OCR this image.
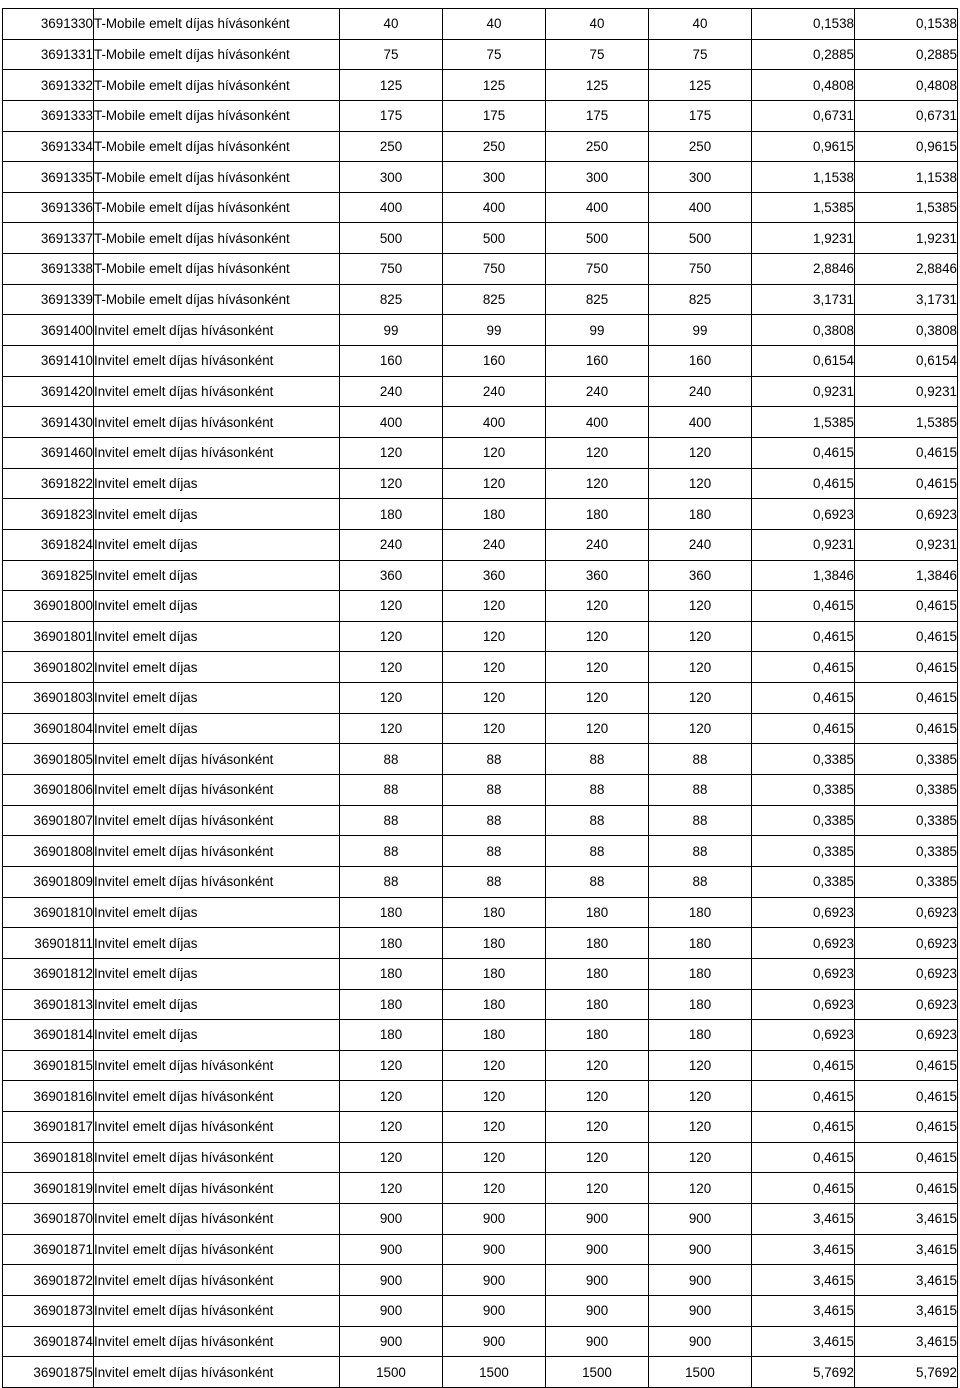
3691330	T-Mobile emelt díjas hívásonként	40	40	40	40	0,1538	0,1538
3691331	T-Mobile emelt díjas hívásonként	75	75	75	75	0,2885	0,2885
3691332	T-Mobile emelt díjas hívásonként	125	125	125	125	0,4808	0,4808
3691333	T-Mobile emelt díjas hívásonként	175	175	175	175	0,6731	0,6731
3691334	T-Mobile emelt díjas hívásonként	250	250	250	250	0,9615	0,9615
3691335	T-Mobile emelt díjas hívásonként	300	300	300	300	1,1538	1,1538
3691336	T-Mobile emelt díjas hívásonként	400	400	400	400	1,5385	1,5385
3691337	T-Mobile emelt díjas hívásonként	500	500	500	500	1,9231	1,9231
3691338	T-Mobile emelt díjas hívásonként	750	750	750	750	2,8846	2,8846
3691339	T-Mobile emelt díjas hívásonként	825	825	825	825	3,1731	3,1731
3691400	Invitel emelt díjas hívásonként	99	99	99	99	0,3808	0,3808
3691410	Invitel emelt díjas hívásonként	160	160	160	160	0,6154	0,6154
3691420	Invitel emelt díjas hívásonként	240	240	240	240	0,9231	0,9231
3691430	Invitel emelt díjas hívásonként	400	400	400	400	1,5385	1,5385
3691460	Invitel emelt díjas hívásonként	120	120	120	120	0,4615	0,4615
3691822	Invitel emelt díjas	120	120	120	120	0,4615	0,4615
3691823	Invitel emelt díjas	180	180	180	180	0,6923	0,6923
3691824	Invitel emelt díjas	240	240	240	240	0,9231	0,9231
3691825	Invitel emelt díjas	360	360	360	360	1,3846	1,3846
36901800	Invitel emelt díjas	120	120	120	120	0,4615	0,4615
36901801	Invitel emelt díjas	120	120	120	120	0,4615	0,4615
36901802	Invitel emelt díjas	120	120	120	120	0,4615	0,4615
36901803	Invitel emelt díjas	120	120	120	120	0,4615	0,4615
36901804	Invitel emelt díjas	120	120	120	120	0,4615	0,4615
36901805	Invitel emelt díjas hívásonként	88	88	88	88	0,3385	0,3385
36901806	Invitel emelt díjas hívásonként	88	88	88	88	0,3385	0,3385
36901807	Invitel emelt díjas hívásonként	88	88	88	88	0,3385	0,3385
36901808	Invitel emelt díjas hívásonként	88	88	88	88	0,3385	0,3385
36901809	Invitel emelt díjas hívásonként	88	88	88	88	0,3385	0,3385
36901810	Invitel emelt díjas	180	180	180	180	0,6923	0,6923
36901811	Invitel emelt díjas	180	180	180	180	0,6923	0,6923
36901812	Invitel emelt díjas	180	180	180	180	0,6923	0,6923
36901813	Invitel emelt díjas	180	180	180	180	0,6923	0,6923
36901814	Invitel emelt díjas	180	180	180	180	0,6923	0,6923
36901815	Invitel emelt díjas hívásonként	120	120	120	120	0,4615	0,4615
36901816	Invitel emelt díjas hívásonként	120	120	120	120	0,4615	0,4615
36901817	Invitel emelt díjas hívásonként	120	120	120	120	0,4615	0,4615
36901818	Invitel emelt díjas hívásonként	120	120	120	120	0,4615	0,4615
36901819	Invitel emelt díjas hívásonként	120	120	120	120	0,4615	0,4615
36901870	Invitel emelt díjas hívásonként	900	900	900	900	3,4615	3,4615
36901871	Invitel emelt díjas hívásonként	900	900	900	900	3,4615	3,4615
36901872	Invitel emelt díjas hívásonként	900	900	900	900	3,4615	3,4615
36901873	Invitel emelt díjas hívásonként	900	900	900	900	3,4615	3,4615
36901874	Invitel emelt díjas hívásonként	900	900	900	900	3,4615	3,4615
36901875	Invitel emelt díjas hívásonként	1500	1500	1500	1500	5,7692	5,7692
